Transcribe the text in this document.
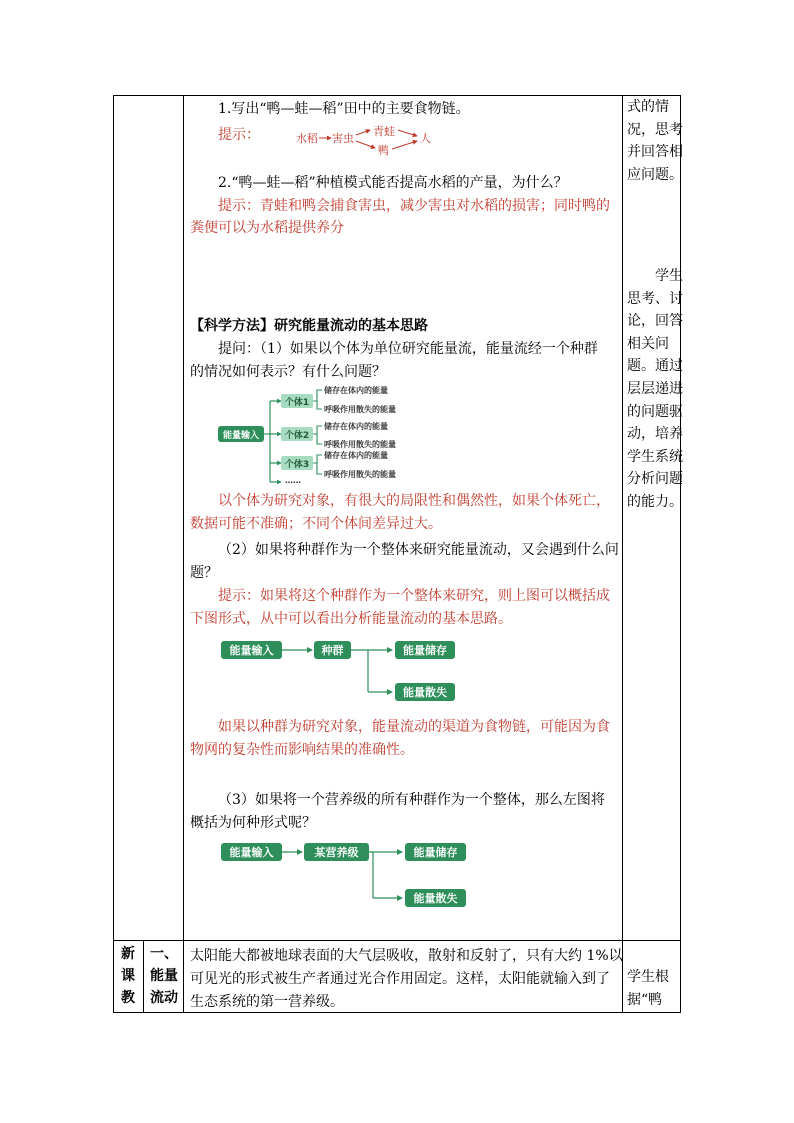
1.写出“鸭—蛙—稻”田中的主要食物链。
提示：	水稻 害虫
青蛙
鸭
人
2.“鸭—蛙—稻”种植模式能否提高水稻的产量，为什么？
提示：青蛙和鸭会捕食害虫，减少害虫对水稻的损害；同时鸭的
粪便可以为水稻提供养分
【科学方法】研究能量流动的基本思路
提问：（1）如果以个体为单位研究能量流，能量流经一个种群
的情况如何表示？有什么问题？
能量输入
个体1
个体2
个体3
储存在体内的能量
呼吸作用散失的能量
储存在体内的能量
呼吸作用散失的能量
储存在体内的能量
呼吸作用散失的能量
……
以个体为研究对象，有很大的局限性和偶然性，如果个体死亡，
数据可能不准确；不同个体间差异过大。
（2）如果将种群作为一个整体来研究能量流动，又会遇到什么问
题？
提示：如果将这个种群作为一个整体来研究，则上图可以概括成
下图形式，从中可以看出分析能量流动的基本思路。
能量输入	种群	能量储存
能量散失
如果以种群为研究对象，能量流动的渠道为食物链，可能因为食
物网的复杂性而影响结果的准确性。
（3）如果将一个营养级的所有种群作为一个整体，那么左图将
概括为何种形式呢？
能量输入	某营养级	能量储存
能量散失
式的情况，思考并回答相应问题。
学生思考、讨论，回答相关问题。通过层层递进的问题驱动，培养学生系统分析问题的能力。
新课教
一、能量流动
太阳能大都被地球表面的大气层吸收，散射和反射了，只有大约 1%以
可见光的形式被生产者通过光合作用固定。这样，太阳能就输入到了
生态系统的第一营养级。
学生根据“鸭
